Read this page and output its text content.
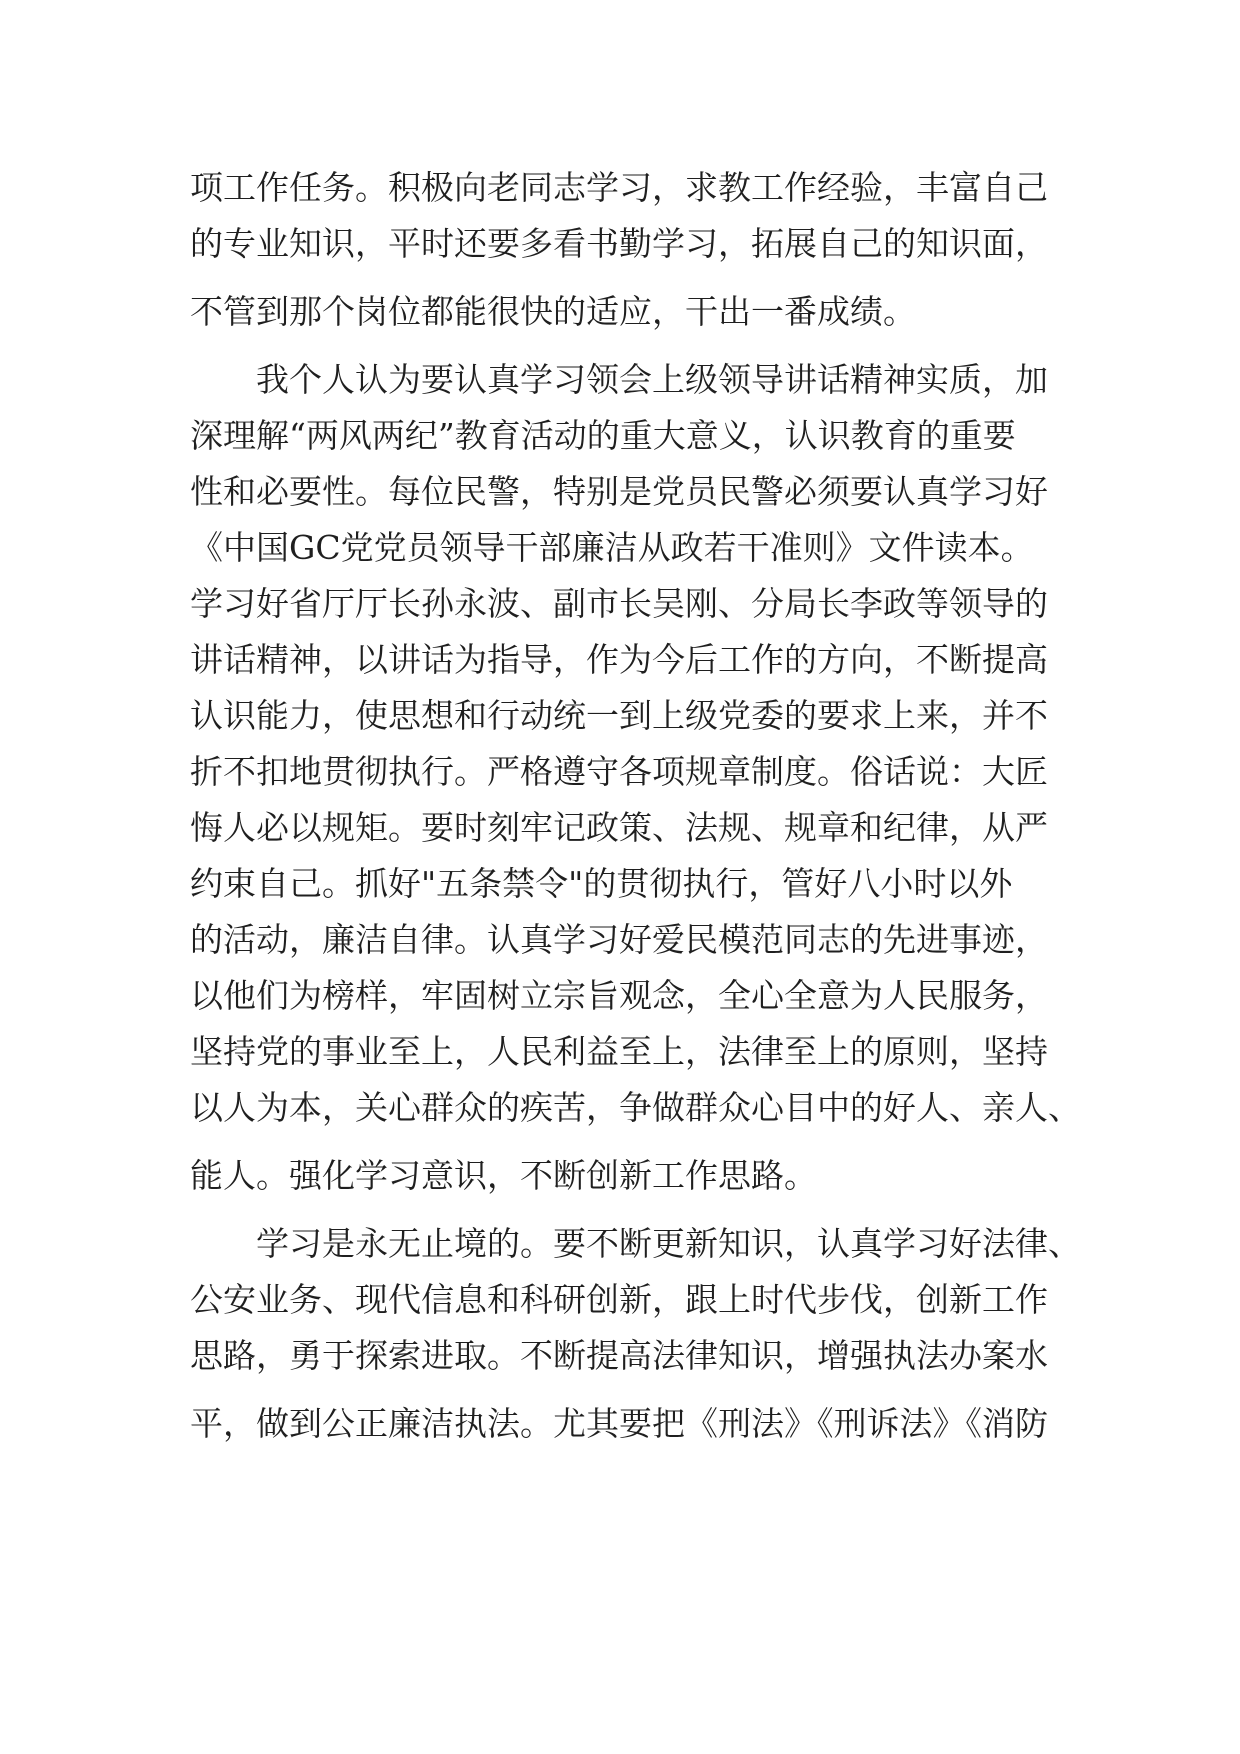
项工作任务。积极向老同志学习，求教工作经验，丰富自己
的专业知识，平时还要多看书勤学习，拓展自己的知识面，
不管到那个岗位都能很快的适应，干出一番成绩。
我个人认为要认真学习领会上级领导讲话精神实质，加
深理解“两风两纪”教育活动的重大意义，认识教育的重要
性和必要性。每位民警，特别是党员民警必须要认真学习好
《中国GC党党员领导干部廉洁从政若干准则》文件读本。
学习好省厅厅长孙永波、副市长吴刚、分局长李政等领导的
讲话精神，以讲话为指导，作为今后工作的方向，不断提高
认识能力，使思想和行动统一到上级党委的要求上来，并不
折不扣地贯彻执行。严格遵守各项规章制度。俗话说：大匠
悔人必以规矩。要时刻牢记政策、法规、规章和纪律，从严
约束自己。抓好"五条禁令"的贯彻执行，管好八小时以外
的活动，廉洁自律。认真学习好爱民模范同志的先进事迹，
以他们为榜样，牢固树立宗旨观念，全心全意为人民服务，
坚持党的事业至上，人民利益至上，法律至上的原则，坚持
以人为本，关心群众的疾苦，争做群众心目中的好人、亲人、
能人。强化学习意识，不断创新工作思路。
学习是永无止境的。要不断更新知识，认真学习好法律、
公安业务、现代信息和科研创新，跟上时代步伐，创新工作
思路，勇于探索进取。不断提高法律知识，增强执法办案水
平，做到公正廉洁执法。尤其要把《刑法》《刑诉法》《消防
